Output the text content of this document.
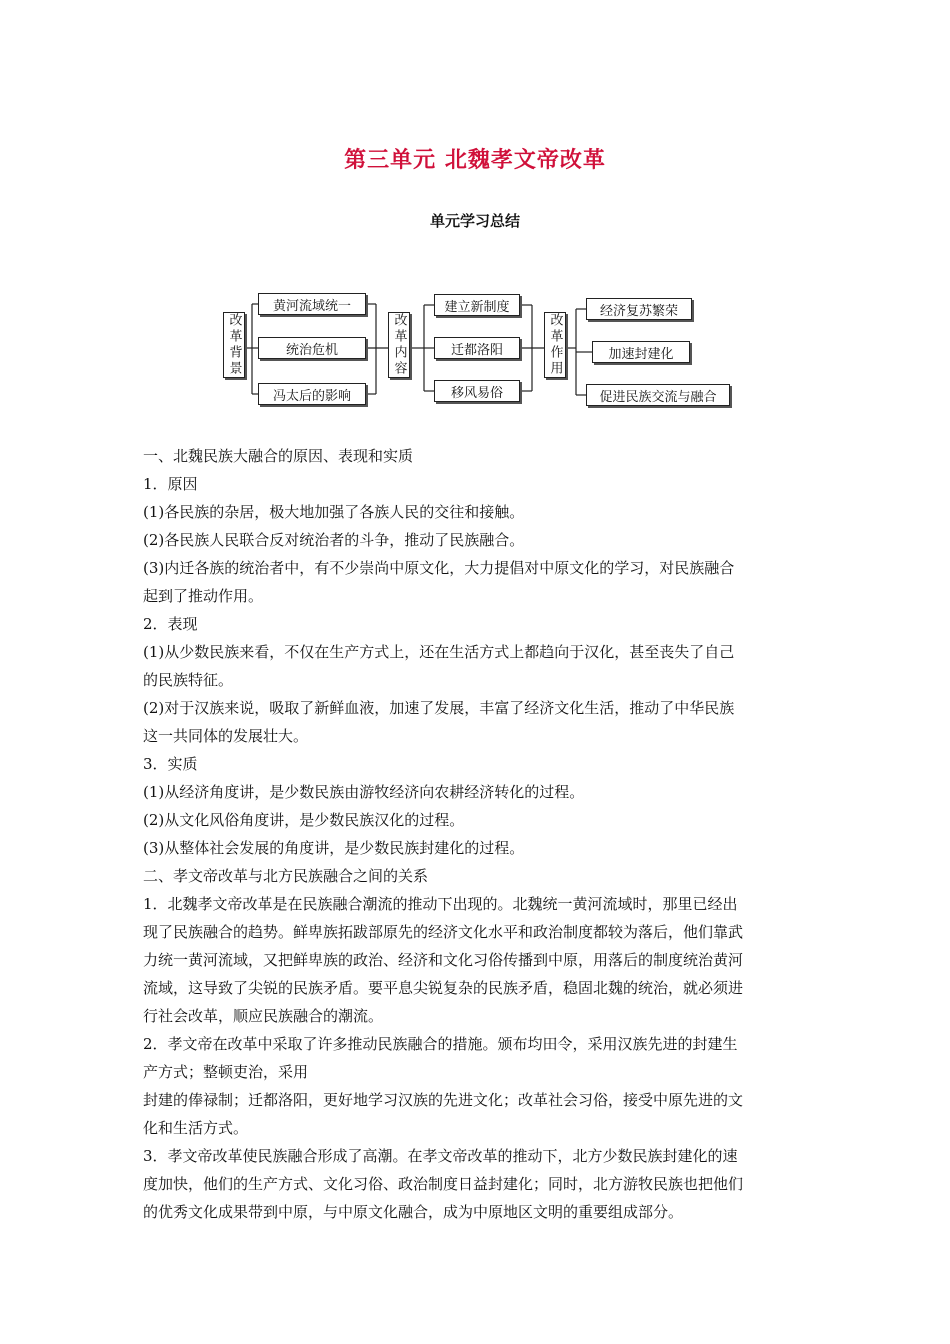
第三单元 北魏孝文帝改革
单元学习总结
改革背景
黄河流域统一
统治危机
冯太后的影响
改革内容
建立新制度
迁都洛阳
移风易俗
改革作用
经济复苏繁荣
加速封建化
促进民族交流与融合

一、北魏民族大融合的原因、表现和实质

1．原因

(1)各民族的杂居，极大地加强了各族人民的交往和接触。

(2)各民族人民联合反对统治者的斗争，推动了民族融合。

(3)内迁各族的统治者中，有不少崇尚中原文化，大力提倡对中原文化的学习，对民族融合

起到了推动作用。

2．表现

(1)从少数民族来看，不仅在生产方式上，还在生活方式上都趋向于汉化，甚至丧失了自己

的民族特征。

(2)对于汉族来说，吸取了新鲜血液，加速了发展，丰富了经济文化生活，推动了中华民族

这一共同体的发展壮大。

3．实质

(1)从经济角度讲，是少数民族由游牧经济向农耕经济转化的过程。

(2)从文化风俗角度讲，是少数民族汉化的过程。

(3)从整体社会发展的角度讲，是少数民族封建化的过程。

二、孝文帝改革与北方民族融合之间的关系

1．北魏孝文帝改革是在民族融合潮流的推动下出现的。北魏统一黄河流域时，那里已经出

现了民族融合的趋势。鲜卑族拓跋部原先的经济文化水平和政治制度都较为落后，他们靠武

力统一黄河流域，又把鲜卑族的政治、经济和文化习俗传播到中原，用落后的制度统治黄河

流域，这导致了尖锐的民族矛盾。要平息尖锐复杂的民族矛盾，稳固北魏的统治，就必须进

行社会改革，顺应民族融合的潮流。

2．孝文帝在改革中采取了许多推动民族融合的措施。颁布均田令，采用汉族先进的封建生

产方式；整顿吏治，采用

封建的俸禄制；迁都洛阳，更好地学习汉族的先进文化；改革社会习俗，接受中原先进的文

化和生活方式。

3．孝文帝改革使民族融合形成了高潮。在孝文帝改革的推动下，北方少数民族封建化的速

度加快，他们的生产方式、文化习俗、政治制度日益封建化；同时，北方游牧民族也把他们

的优秀文化成果带到中原，与中原文化融合，成为中原地区文明的重要组成部分。
